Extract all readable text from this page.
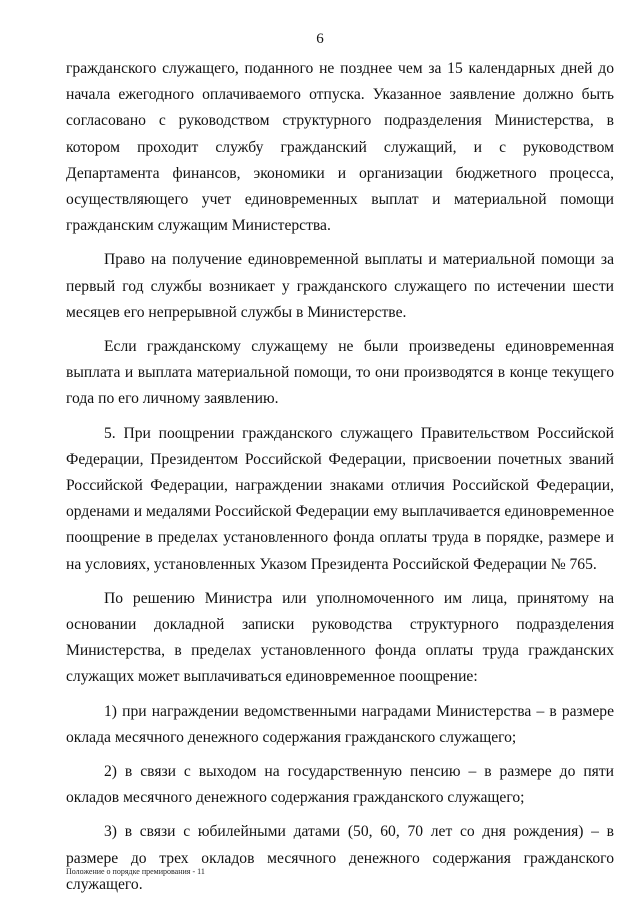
6

гражданского служащего, поданного не позднее чем за 15 календарных дней до начала ежегодного оплачиваемого отпуска. Указанное заявление должно быть согласовано с руководством структурного подразделения Министерства, в котором проходит службу гражданский служащий, и с руководством Департамента финансов, экономики и организации бюджетного процесса, осуществляющего учет единовременных выплат и материальной помощи гражданским служащим Министерства.

Право на получение единовременной выплаты и материальной помощи за первый год службы возникает у гражданского служащего по истечении шести месяцев его непрерывной службы в Министерстве.

Если гражданскому служащему не были произведены единовременная выплата и выплата материальной помощи, то они производятся в конце текущего года по его личному заявлению.

5. При поощрении гражданского служащего Правительством Российской Федерации, Президентом Российской Федерации, присвоении почетных званий Российской Федерации, награждении знаками отличия Российской Федерации, орденами и медалями Российской Федерации ему выплачивается единовременное поощрение в пределах установленного фонда оплаты труда в порядке, размере и на условиях, установленных Указом Президента Российской Федерации № 765.

По решению Министра или уполномоченного им лица, принятому на основании докладной записки руководства структурного подразделения Министерства, в пределах установленного фонда оплаты труда гражданских служащих может выплачиваться единовременное поощрение:

1) при награждении ведомственными наградами Министерства – в размере оклада месячного денежного содержания гражданского служащего;

2) в связи с выходом на государственную пенсию – в размере до пяти окладов месячного денежного содержания гражданского служащего;

3) в связи с юбилейными датами (50, 60, 70 лет со дня рождения) – в размере до трех окладов месячного денежного содержания гражданского служащего.

Положение о порядке премирования - 11
